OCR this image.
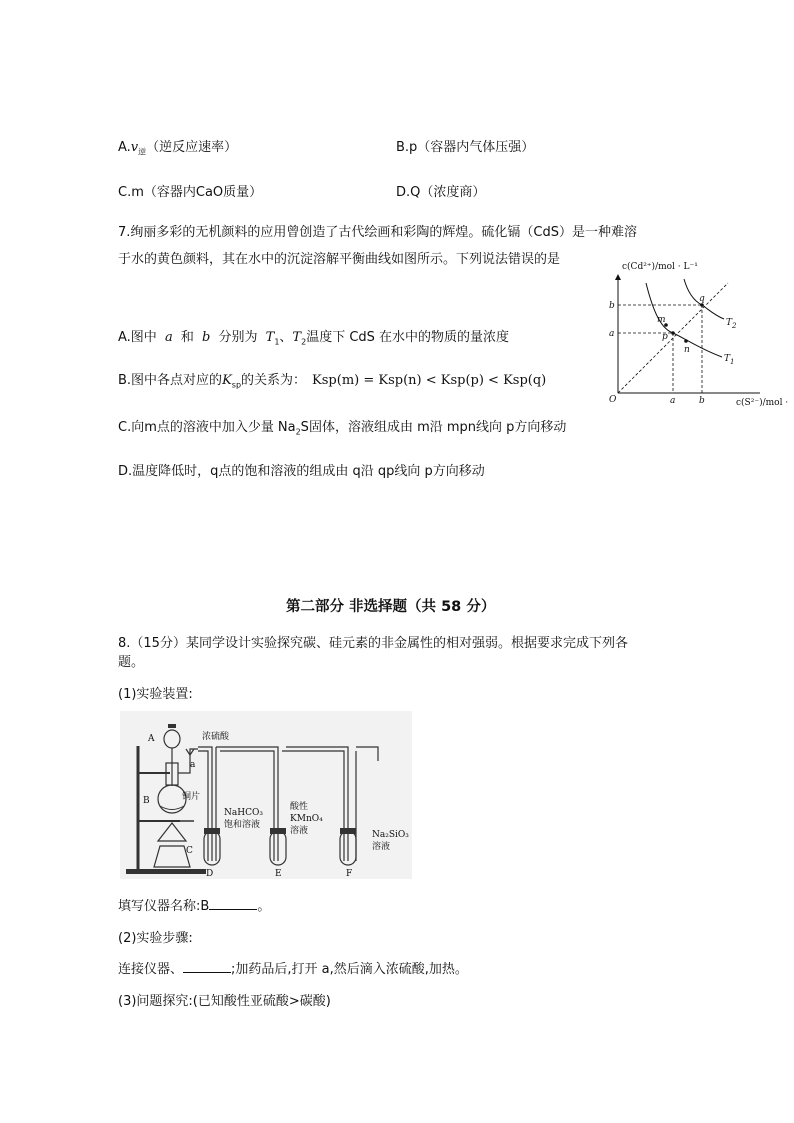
$A.v_逆$（逆反应速率）	B.p（容器内气体压强）
C.m（容器内CaO质量）	D.Q（浓度商）
7.绚丽多彩的无机颜料的应用曾创造了古代绘画和彩陶的辉煌。硫化镉（CdS）是一种难溶
于水的黄色颜料，其在水中的沉淀溶解平衡曲线如图所示。下列说法错误的是
A.图中 a 和 b 分别为 $T_1$、$T_2$温度下 CdS 在水中的物质的量浓度
B.图中各点对应的$K_{sp}$的关系为： Ksp(m) = Ksp(n) < Ksp(p) < Ksp(q)
C.向m点的溶液中加入少量 $Na_2S$固体，溶液组成由 m沿 mpn线向 p方向移动
D.温度降低时，q点的饱和溶液的组成由 q沿 qp线向 p方向移动
c(Cd²⁺)/mol · L⁻¹
c(S²⁻)/mol ·
O
a
b
a	b
m
p
n
q
$T_2$
$T_1$
第二部分 非选择题（共 58 分）
8.（15分）某同学设计实验探究碳、硅元素的非金属性的相对强弱。根据要求完成下列各
题。
(1)实验装置:
A
B
C
a
D	E	F
浓硫酸
铜片
NaHCO₃
饱和溶液
酸性
KMnO₄
溶液	Na₂SiO₃
溶液
填写仪器名称:B	。
(2)实验步骤:
连接仪器、	;加药品后,打开 a,然后滴入浓硫酸,加热。
(3)问题探究:(已知酸性亚硫酸>碳酸)
